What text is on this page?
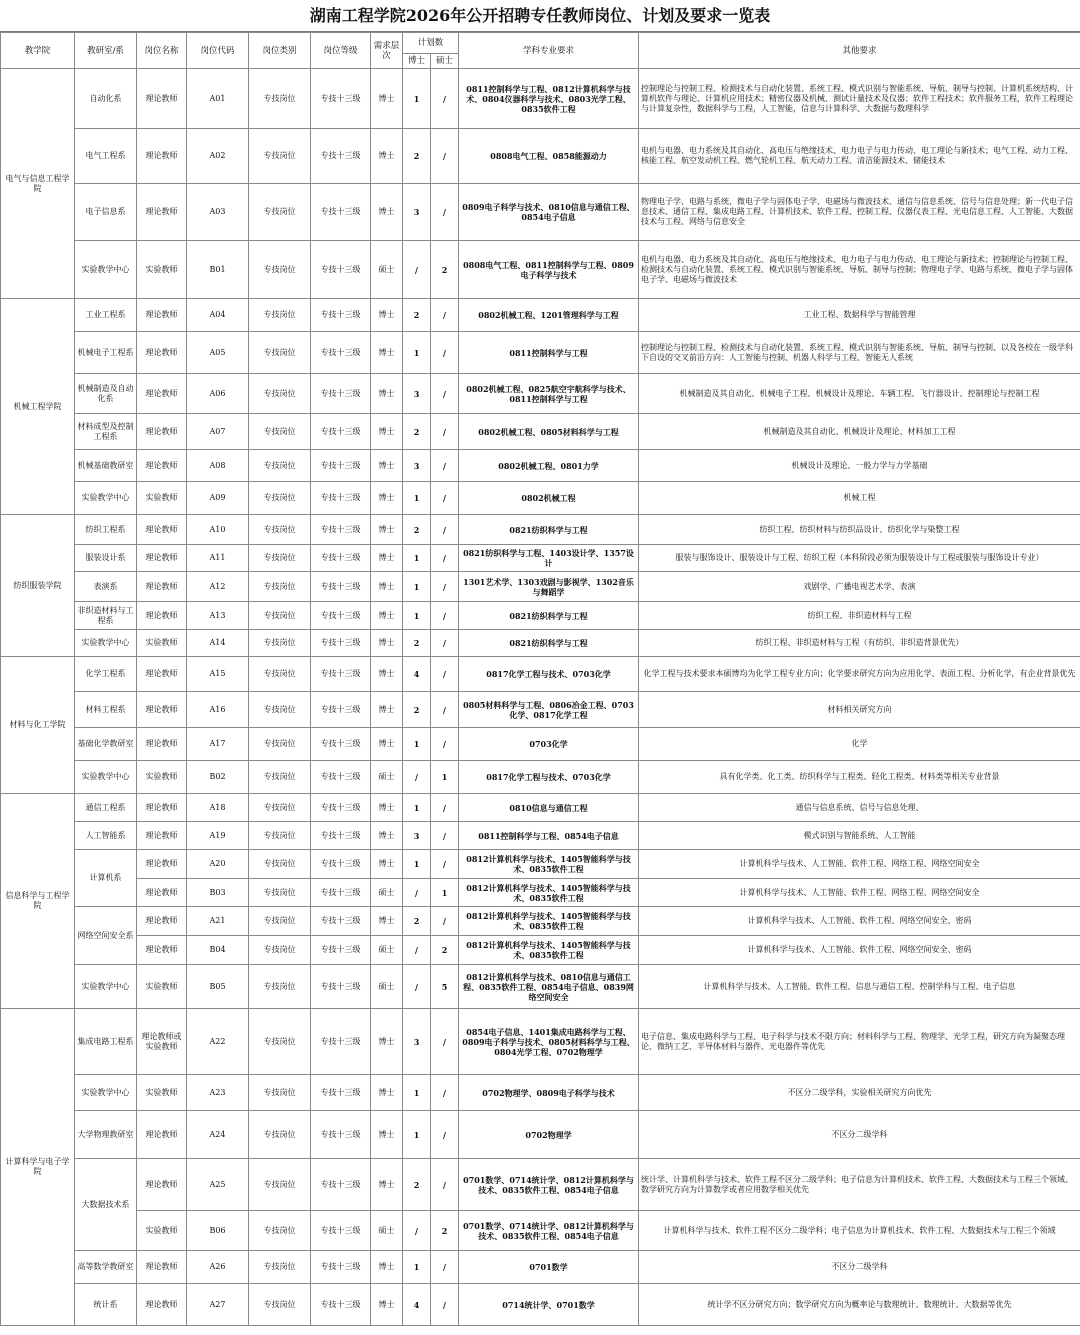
湖南工程学院2026年公开招聘专任教师岗位、计划及要求一览表
教学院	教研室/系	岗位名称	岗位代码	岗位类别	岗位等级	需求层次	计划数		学科专业要求	其他要求
							博士	硕士		
电气与信息工程学院	自动化系	理论教师	A01	专技岗位	专技十三级	博士	1	/	0811控制科学与工程、0812计算机科学与技术、0804仪器科学与技术、0803光学工程、0835软件工程	控制理论与控制工程、检测技术与自动化装置、系统工程、模式识别与智能系统、导航、制导与控制、计算机系统结构、计算机软件与理论、计算机应用技术；精密仪器及机械、测试计量技术及仪器；软件工程技术；软件服务工程，软件工程理论与计算复杂性，数据科学与工程，人工智能，信息与计算科学、大数据与数理科学
	电气工程系	理论教师	A02	专技岗位	专技十三级	博士	2	/	0808电气工程、0858能源动力	电机与电器、电力系统及其自动化、高电压与绝缘技术、电力电子与电力传动、电工理论与新技术；电气工程、动力工程、核能工程、航空发动机工程、燃气轮机工程、航天动力工程、清洁能源技术、储能技术
	电子信息系	理论教师	A03	专技岗位	专技十三级	博士	3	/	0809电子科学与技术、0810信息与通信工程、0854电子信息	物理电子学、电路与系统、微电子学与固体电子学、电磁场与微波技术、通信与信息系统、信号与信息处理；新一代电子信息技术、通信工程、集成电路工程、计算机技术、软件工程、控制工程、仪器仪表工程、光电信息工程、人工智能、大数据技术与工程、网络与信息安全
	实验教学中心	实验教师	B01	专技岗位	专技十三级	硕士	/	2	0808电气工程、0811控制科学与工程、0809电子科学与技术	电机与电器、电力系统及其自动化、高电压与绝缘技术、电力电子与电力传动、电工理论与新技术；控制理论与控制工程、检测技术与自动化装置、系统工程、模式识别与智能系统、导航、制导与控制；物理电子学、电路与系统、微电子学与固体电子学、电磁场与微波技术
机械工程学院	工业工程系	理论教师	A04	专技岗位	专技十三级	博士	2	/	0802机械工程、1201管理科学与工程	工业工程、数据科学与智能管理
	机械电子工程系	理论教师	A05	专技岗位	专技十三级	博士	1	/	0811控制科学与工程	控制理论与控制工程、检测技术与自动化装置、系统工程、模式识别与智能系统、导航、制导与控制、以及各校在一级学科下自设的交叉前沿方向：人工智能与控制、机器人科学与工程、智能无人系统
	机械制造及自动化系	理论教师	A06	专技岗位	专技十三级	博士	3	/	0802机械工程、0825航空宇航科学与技术、0811控制科学与工程	机械制造及其自动化、机械电子工程、机械设计及理论、车辆工程、飞行器设计、控制理论与控制工程
	材料成型及控制工程系	理论教师	A07	专技岗位	专技十三级	博士	2	/	0802机械工程、0805材料科学与工程	机械制造及其自动化、机械设计及理论、材料加工工程
	机械基础教研室	理论教师	A08	专技岗位	专技十三级	博士	3	/	0802机械工程、0801力学	机械设计及理论、一般力学与力学基础
	实验教学中心	实验教师	A09	专技岗位	专技十三级	博士	1	/	0802机械工程	机械工程
纺织服装学院	纺织工程系	理论教师	A10	专技岗位	专技十三级	博士	2	/	0821纺织科学与工程	纺织工程、纺织材料与纺织品设计、纺织化学与染整工程
	服装设计系	理论教师	A11	专技岗位	专技十三级	博士	1	/	0821纺织科学与工程、1403设计学、1357设计	服装与服饰设计、服装设计与工程、纺织工程（本科阶段必须为服装设计与工程或服装与服饰设计专业）
	表演系	理论教师	A12	专技岗位	专技十三级	博士	1	/	1301艺术学、1303戏剧与影视学、1302音乐与舞蹈学	戏剧学、广播电视艺术学、表演
	非织造材料与工程系	理论教师	A13	专技岗位	专技十三级	博士	1	/	0821纺织科学与工程	纺织工程、非织造材料与工程
	实验教学中心	实验教师	A14	专技岗位	专技十三级	博士	2	/	0821纺织科学与工程	纺织工程、非织造材料与工程（有纺织、非织造背景优先）
材料与化工学院	化学工程系	理论教师	A15	专技岗位	专技十三级	博士	4	/	0817化学工程与技术、0703化学	化学工程与技术要求本硕博均为化学工程专业方向；化学要求研究方向为应用化学、表面工程、分析化学，有企业背景优先
	材料工程系	理论教师	A16	专技岗位	专技十三级	博士	2	/	0805材料科学与工程、0806冶金工程、0703化学、0817化学工程	材料相关研究方向
	基础化学教研室	理论教师	A17	专技岗位	专技十三级	博士	1	/	0703化学	化学
	实验教学中心	实验教师	B02	专技岗位	专技十三级	硕士	/	1	0817化学工程与技术、0703化学	具有化学类、化工类、纺织科学与工程类、轻化工程类、材料类等相关专业背景
信息科学与工程学院	通信工程系	理论教师	A18	专技岗位	专技十三级	博士	1	/	0810信息与通信工程	通信与信息系统、信号与信息处理、
	人工智能系	理论教师	A19	专技岗位	专技十三级	博士	3	/	0811控制科学与工程、0854电子信息	模式识别与智能系统、人工智能
	计算机系	理论教师	A20	专技岗位	专技十三级	博士	1	/	0812计算机科学与技术、1405智能科学与技术、0835软件工程	计算机科学与技术、人工智能、软件工程、网络工程、网络空间安全
		理论教师	B03	专技岗位	专技十三级	硕士	/	1	0812计算机科学与技术、1405智能科学与技术、0835软件工程	计算机科学与技术、人工智能、软件工程、网络工程、网络空间安全
	网络空间安全系	理论教师	A21	专技岗位	专技十三级	博士	2	/	0812计算机科学与技术、1405智能科学与技术、0835软件工程	计算机科学与技术、人工智能、软件工程、网络空间安全、密码
		理论教师	B04	专技岗位	专技十三级	硕士	/	2	0812计算机科学与技术、1405智能科学与技术、0835软件工程	计算机科学与技术、人工智能、软件工程、网络空间安全、密码
	实验教学中心	实验教师	B05	专技岗位	专技十三级	硕士	/	5	0812计算机科学与技术、0810信息与通信工程、0835软件工程、0854电子信息、0839网络空间安全	计算机科学与技术、人工智能、软件工程、信息与通信工程、控制学科与工程、电子信息
计算科学与电子学院	集成电路工程系	理论教师或实验教师	A22	专技岗位	专技十三级	博士	3	/	0854电子信息、1401集成电路科学与工程、0809电子科学与技术、0805材料科学与工程、0804光学工程、0702物理学	电子信息、集成电路科学与工程、电子科学与技术不限方向；材料科学与工程、物理学、光学工程，研究方向为凝聚态理论、微纳工艺、半导体材料与器件、光电器件等优先
	实验教学中心	实验教师	A23	专技岗位	专技十三级	博士	1	/	0702物理学、0809电子科学与技术	不区分二级学科，实验相关研究方向优先
	大学物理教研室	理论教师	A24	专技岗位	专技十三级	博士	1	/	0702物理学	不区分二级学科
	大数据技术系	理论教师	A25	专技岗位	专技十三级	博士	2	/	0701数学、0714统计学、0812计算机科学与技术、0835软件工程、0854电子信息	统计学、计算机科学与技术、软件工程不区分二级学科；电子信息为计算机技术、软件工程、大数据技术与工程三个领域、数学研究方向为计算数学或者应用数学相关优先
		实验教师	B06	专技岗位	专技十三级	硕士	/	2	0701数学、0714统计学、0812计算机科学与技术、0835软件工程、0854电子信息	计算机科学与技术、软件工程不区分二级学科；电子信息为计算机技术、软件工程、大数据技术与工程三个领域
	高等数学教研室	理论教师	A26	专技岗位	专技十三级	博士	1	/	0701数学	不区分二级学科
	统计系	理论教师	A27	专技岗位	专技十三级	博士	4	/	0714统计学、0701数学	统计学不区分研究方向；数学研究方向为概率论与数理统计、数理统计、大数据等优先
